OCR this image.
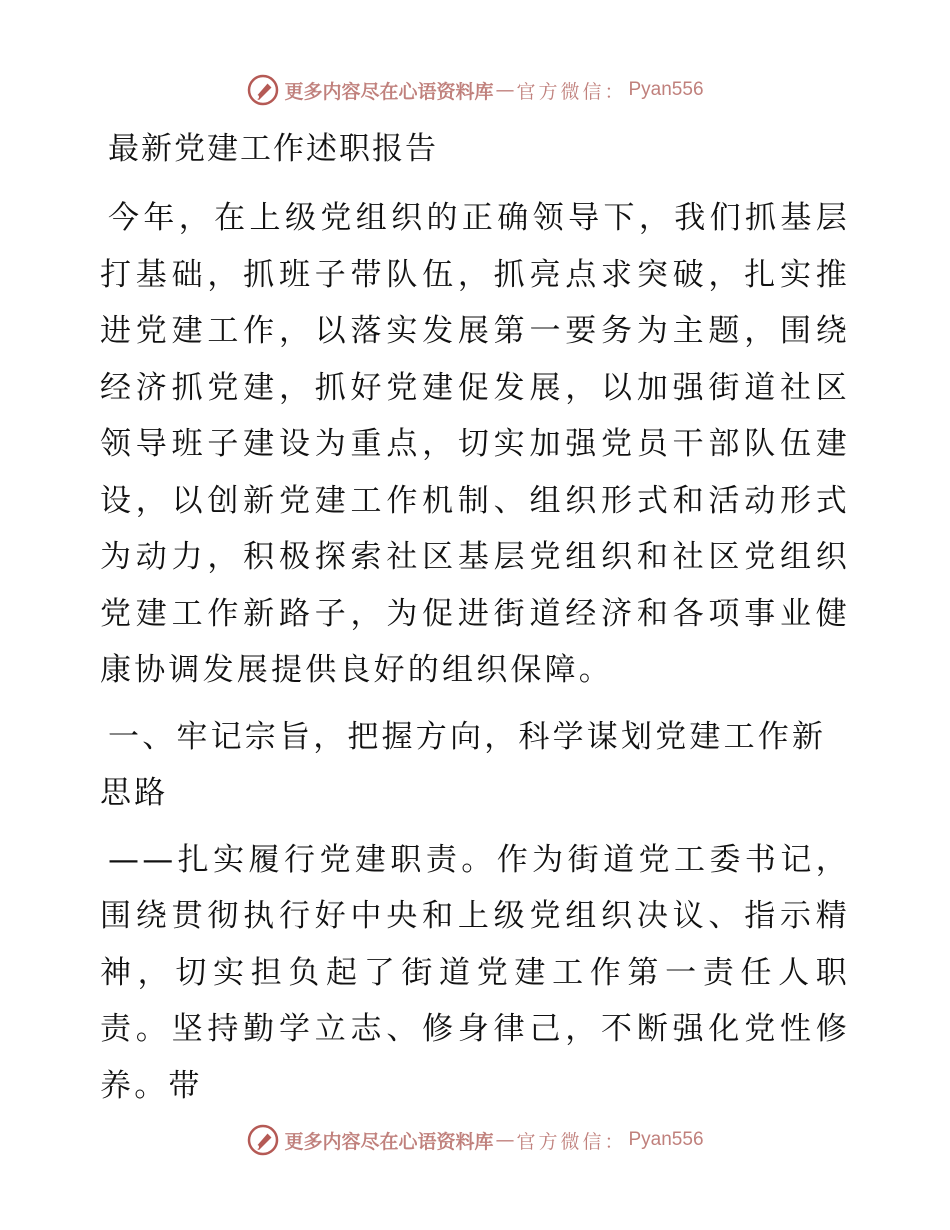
更多内容尽在心语资料库 — 官方微信： Pyan556
最新党建工作述职报告

今年，在上级党组织的正确领导下，我们抓基层打基础，抓班子带队伍，抓亮点求突破，扎实推进党建工作，以落实发展第一要务为主题，围绕经济抓党建，抓好党建促发展，以加强街道社区领导班子建设为重点，切实加强党员干部队伍建设，以创新党建工作机制、组织形式和活动形式为动力，积极探索社区基层党组织和社区党组织党建工作新路子，为促进街道经济和各项事业健康协调发展提供良好的组织保障。

一、牢记宗旨，把握方向，科学谋划党建工作新思路

——扎实履行党建职责。作为街道党工委书记，围绕贯彻执行好中央和上级党组织决议、指示精神，切实担负起了街道党建工作第一责任人职责。坚持勤学立志、修身律己，不断强化党性修养。带

更多内容尽在心语资料库 — 官方微信： Pyan556
